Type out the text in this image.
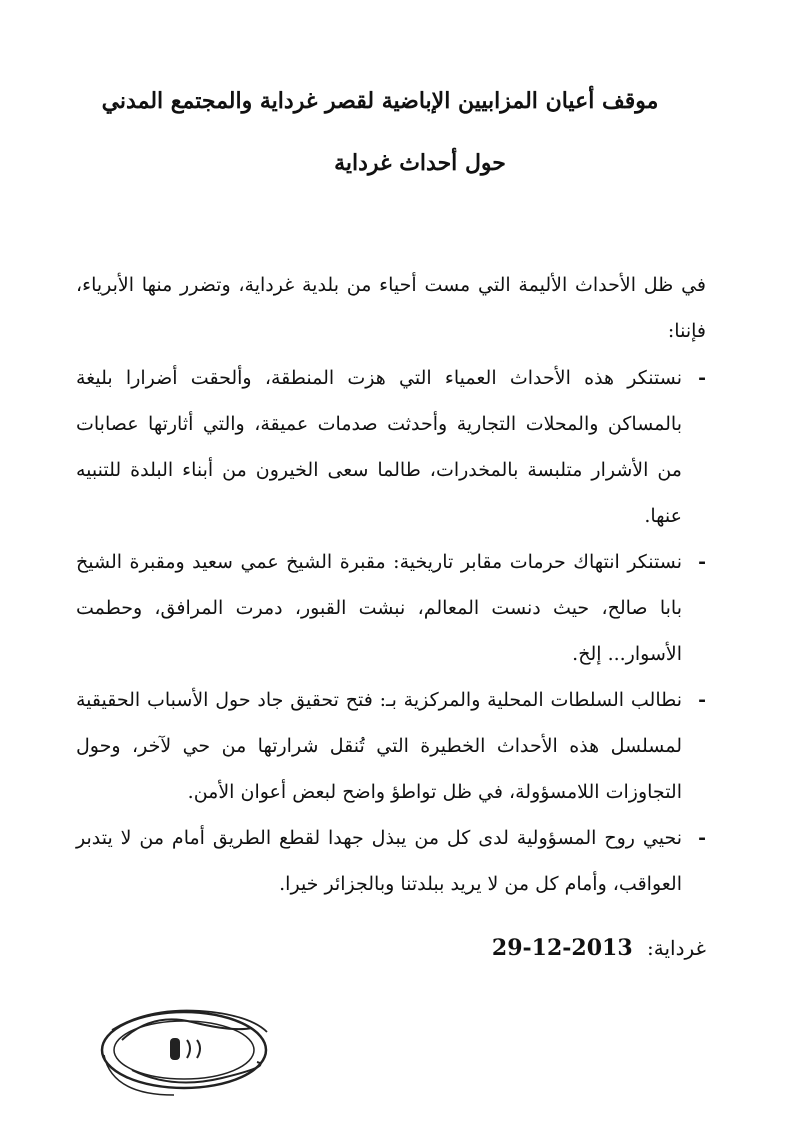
موقف أعيان المزابيين الإباضية لقصر غرداية والمجتمع المدني
حول أحداث غرداية
في ظل الأحداث الأليمة التي مست أحياء من بلدية غرداية، وتضرر منها الأبرياء، فإننا:
-
نستنكر هذه الأحداث العمياء التي هزت المنطقة، وألحقت أضرارا بليغة بالمساكن والمحلات التجارية وأحدثت صدمات عميقة، والتي أثارتها عصابات من الأشرار متلبسة بالمخدرات، طالما سعى الخيرون من أبناء البلدة للتنبيه عنها.
-
نستنكر انتهاك حرمات مقابر تاريخية: مقبرة الشيخ عمي سعيد ومقبرة الشيخ بابا صالح، حيث دنست المعالم، نبشت القبور، دمرت المرافق، وحطمت الأسوار... إلخ.
-
نطالب السلطات المحلية والمركزية بـ: فتح تحقيق جاد حول الأسباب الحقيقية لمسلسل هذه الأحداث الخطيرة التي تُنقل شرارتها من حي لآخر، وحول التجاوزات اللامسؤولة، في ظل تواطؤ واضح لبعض أعوان الأمن.
-
نحيي روح المسؤولية لدى كل من يبذل جهدا لقطع الطريق أمام من لا يتدبر العواقب، وأمام كل من لا يريد ببلدتنا وبالجزائر خيرا.
غرداية: 2013-12-29
